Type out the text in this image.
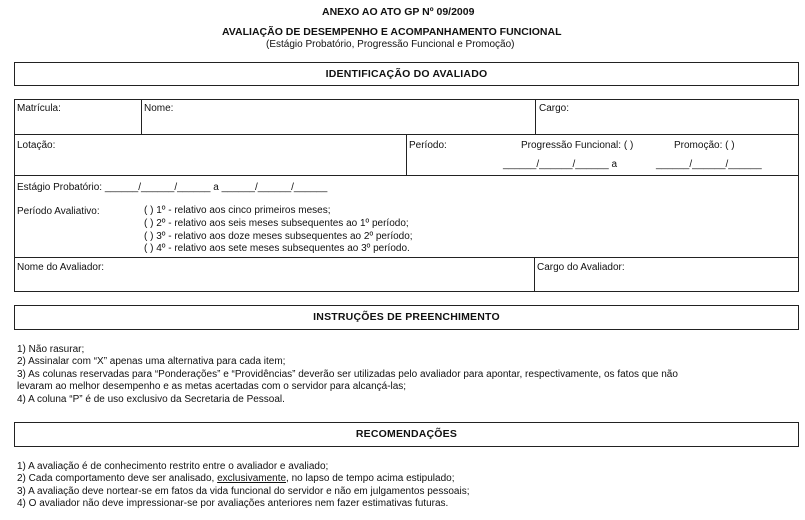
ANEXO AO ATO GP Nº 09/2009
AVALIAÇÃO DE DESEMPENHO E ACOMPANHAMENTO FUNCIONAL
(Estágio Probatório, Progressão Funcional e Promoção)
IDENTIFICAÇÃO DO AVALIADO
Matrícula:	Nome:	Cargo:
Lotação:	Período:	Progressão Funcional: ( )	Promoção: ( )
______/______/______ a	______/______/______
Estágio Probatório: ______/______/______ a ______/______/______
Período Avaliativo:	( ) 1º - relativo aos cinco primeiros meses;
( ) 2º - relativo aos seis meses subsequentes ao 1º período;
( ) 3º - relativo aos doze meses subsequentes ao 2º período;
( ) 4º - relativo aos sete meses subsequentes ao 3º período.
Nome do Avaliador:	Cargo do Avaliador:
INSTRUÇÕES DE PREENCHIMENTO

1) Não rasurar;

2) Assinalar com “X” apenas uma alternativa para cada item;

3) As colunas reservadas para “Ponderações” e “Providências” deverão ser utilizadas pelo avaliador para apontar, respectivamente, os fatos que não

levaram ao melhor desempenho e as metas acertadas com o servidor para alcançá-las;

4) A coluna “P” é de uso exclusivo da Secretaria de Pessoal.

RECOMENDAÇÕES

1) A avaliação é de conhecimento restrito entre o avaliador e avaliado;

2) Cada comportamento deve ser analisado, exclusivamente, no lapso de tempo acima estipulado;

3) A avaliação deve nortear-se em fatos da vida funcional do servidor e não em julgamentos pessoais;

4) O avaliador não deve impressionar-se por avaliações anteriores nem fazer estimativas futuras.
